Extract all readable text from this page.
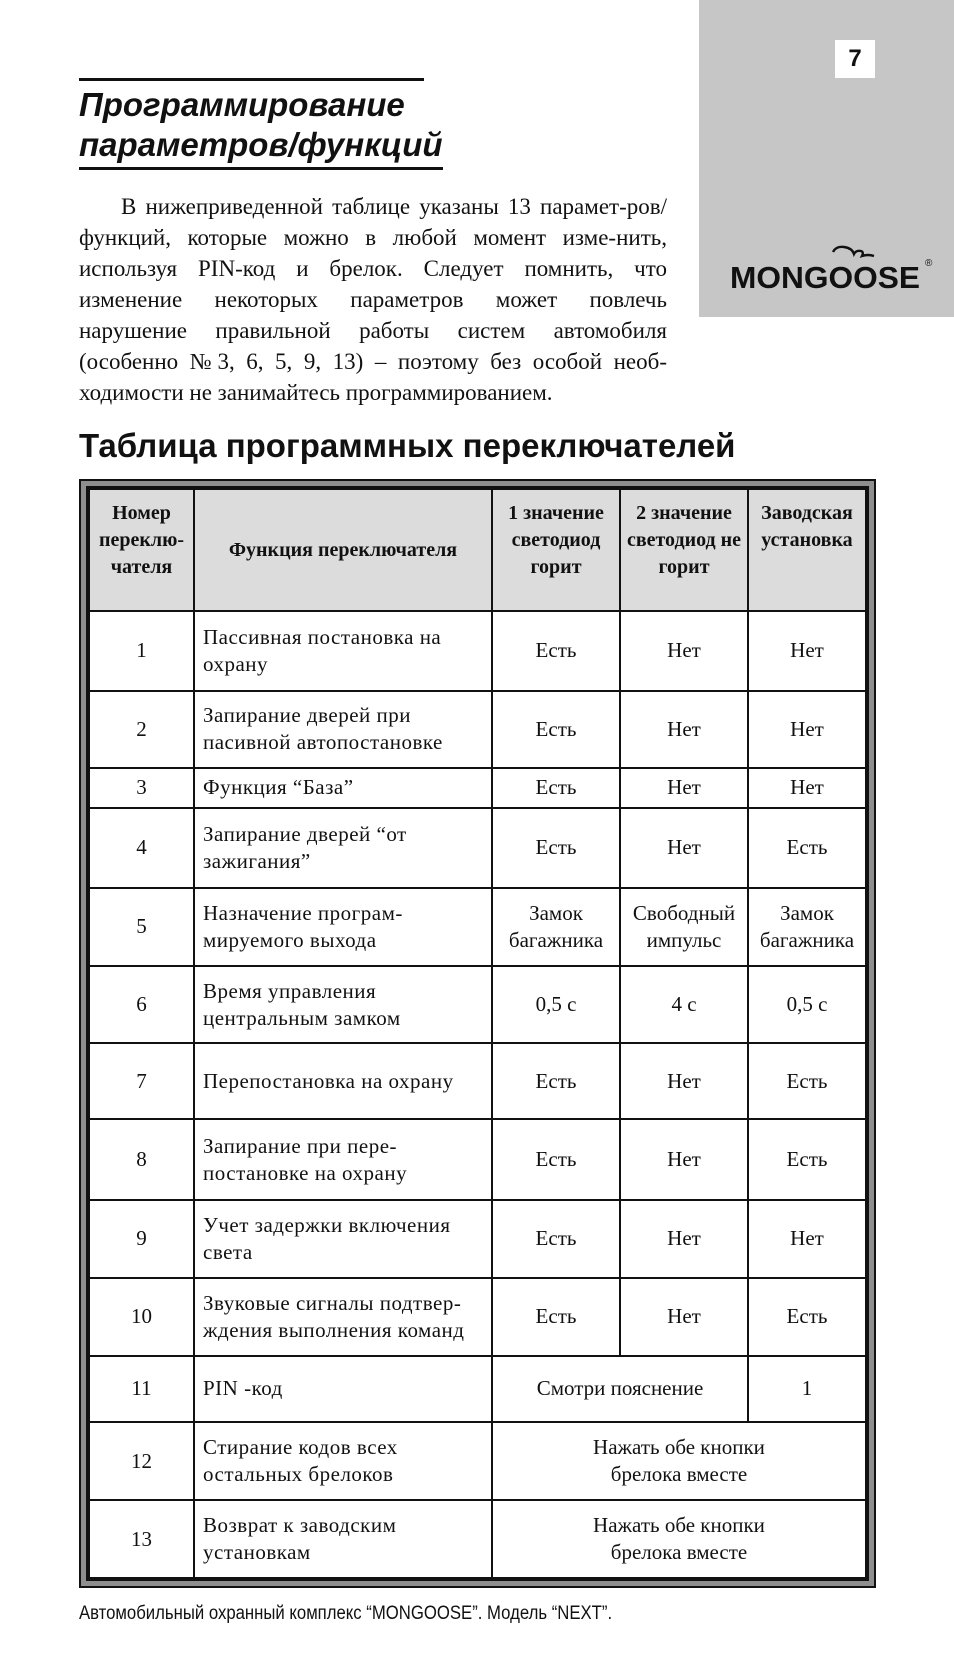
7
MONGOOSE ®
Программирование
параметров/функций

В нижеприведенной таблице указаны 13 парамет-ров/функций, которые можно в любой момент изме-нить, используя PIN-код и брелок. Следует помнить, что изменение некоторых параметров может повлечь нарушение правильной работы систем автомобиля (особенно №3, 6, 5, 9, 13) – поэтому без особой необ-ходимости не занимайтесь программированием.

Таблица программных переключателей
Номер переклю-чателя	Функция переключателя	1 значение светодиод горит	2 значение светодиод не горит	Заводская установка
1	Пассивная постановка на охрану	Есть	Нет	Нет
2	Запирание дверей при пасивной автопостановке	Есть	Нет	Нет
3	Функция “База”	Есть	Нет	Нет
4	Запирание дверей “от зажигания”	Есть	Нет	Есть
5	Назначение програм-мируемого выхода	Замок багажника	Свободный импульс	Замок багажника
6	Время управления центральным замком	0,5 с	4 с	0,5 с
7	Перепостановка на охрану	Есть	Нет	Есть
8	Запирание при пере-постановке на охрану	Есть	Нет	Есть
9	Учет задержки включения света	Есть	Нет	Нет
10	Звуковые сигналы подтвер-ждения выполнения команд	Есть	Нет	Есть
11	PIN -код	Смотри пояснение		1
12	Стирание кодов всех остальных брелоков	Нажать обе кнопки брелока вместе		
13	Возврат к заводским установкам	Нажать обе кнопки брелока вместе		
Автомобильный охранный комплекс “MONGOOSE”. Модель “NEXT”.
